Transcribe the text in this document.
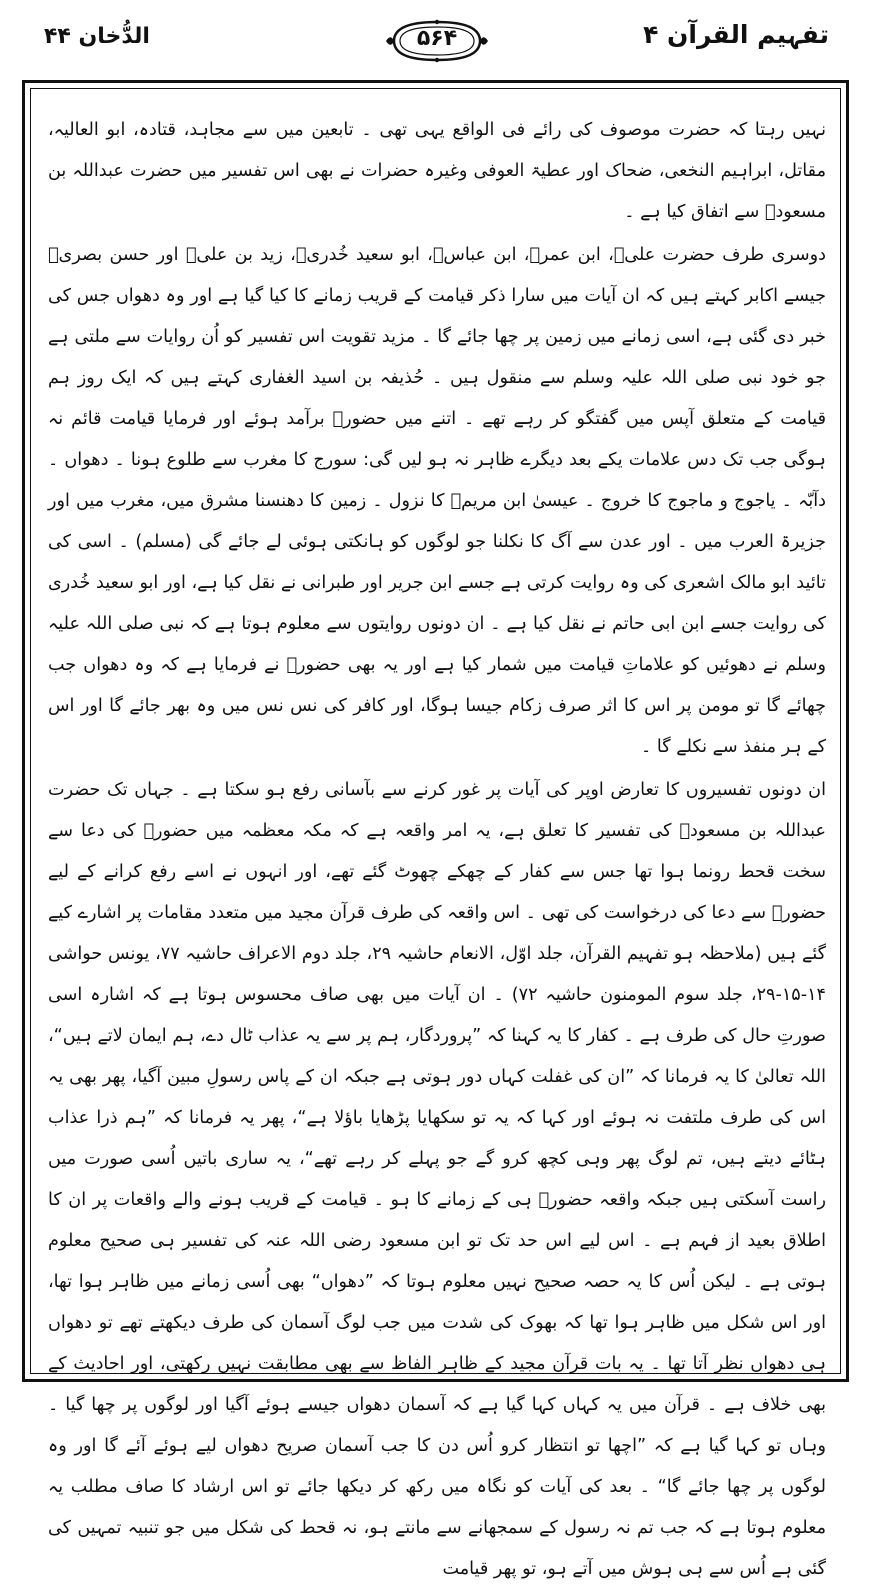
تفہیم القرآن ۴
۵۶۴
الدُّخان ۴۴

نہیں رہتا کہ حضرت موصوف کی رائے فی الواقع یہی تھی ۔ تابعین میں سے مجاہد، قتادہ، ابو العالیہ، مقاتل، ابراہیم النخعی، ضحاک اور عطیۃ العوفی وغیرہ حضرات نے بھی اس تفسیر میں حضرت عبداللہ بن مسعودؓ سے اتفاق کیا ہے ۔

دوسری طرف حضرت علیؓ، ابن عمرؓ، ابن عباسؓ، ابو سعید خُدریؓ، زید بن علیؓ اور حسن بصریؓ جیسے اکابر کہتے ہیں کہ ان آیات میں سارا ذکر قیامت کے قریب زمانے کا کیا گیا ہے اور وہ دھواں جس کی خبر دی گئی ہے، اسی زمانے میں زمین پر چھا جائے گا ۔ مزید تقویت اس تفسیر کو اُن روایات سے ملتی ہے جو خود نبی صلی اللہ علیہ وسلم سے منقول ہیں ۔ حُذیفہ بن اسید الغفاری کہتے ہیں کہ ایک روز ہم قیامت کے متعلق آپس میں گفتگو کر رہے تھے ۔ اتنے میں حضورؐ برآمد ہوئے اور فرمایا قیامت قائم نہ ہوگی جب تک دس علامات یکے بعد دیگرے ظاہر نہ ہو لیں گی: سورج کا مغرب سے طلوع ہونا ۔ دھواں ۔ دآبّہ ۔ یاجوج و ماجوج کا خروج ۔ عیسیٰ ابن مریمؑ کا نزول ۔ زمین کا دھنسنا مشرق میں، مغرب میں اور جزیرۃ العرب میں ۔ اور عدن سے آگ کا نکلنا جو لوگوں کو ہانکتی ہوئی لے جائے گی (مسلم) ۔ اسی کی تائید ابو مالک اشعری کی وہ روایت کرتی ہے جسے ابن جریر اور طبرانی نے نقل کیا ہے، اور ابو سعید خُدری کی روایت جسے ابن ابی حاتم نے نقل کیا ہے ۔ ان دونوں روایتوں سے معلوم ہوتا ہے کہ نبی صلی اللہ علیہ وسلم نے دھوئیں کو علاماتِ قیامت میں شمار کیا ہے اور یہ بھی حضورؐ نے فرمایا ہے کہ وہ دھواں جب چھائے گا تو مومن پر اس کا اثر صرف زکام جیسا ہوگا، اور کافر کی نس نس میں وہ بھر جائے گا اور اس کے ہر منفذ سے نکلے گا ۔

ان دونوں تفسیروں کا تعارض اوپر کی آیات پر غور کرنے سے بآسانی رفع ہو سکتا ہے ۔ جہاں تک حضرت عبداللہ بن مسعودؓ کی تفسیر کا تعلق ہے، یہ امر واقعہ ہے کہ مکہ معظمہ میں حضورؐ کی دعا سے سخت قحط رونما ہوا تھا جس سے کفار کے چھکے چھوٹ گئے تھے، اور انہوں نے اسے رفع کرانے کے لیے حضورؐ سے دعا کی درخواست کی تھی ۔ اس واقعہ کی طرف قرآن مجید میں متعدد مقامات پر اشارے کیے گئے ہیں (ملاحظہ ہو تفہیم القرآن، جلد اوّل، الانعام حاشیہ ۲۹، جلد دوم الاعراف حاشیہ ۷۷، یونس حواشی ۱۴-۱۵-۲۹، جلد سوم المومنون حاشیہ ۷۲) ۔ ان آیات میں بھی صاف محسوس ہوتا ہے کہ اشارہ اسی صورتِ حال کی طرف ہے ۔ کفار کا یہ کہنا کہ ”پروردگار، ہم پر سے یہ عذاب ٹال دے، ہم ایمان لاتے ہیں“، اللہ تعالیٰ کا یہ فرمانا کہ ”ان کی غفلت کہاں دور ہوتی ہے جبکہ ان کے پاس رسولِ مبین آگیا، پھر بھی یہ اس کی طرف ملتفت نہ ہوئے اور کہا کہ یہ تو سکھایا پڑھایا باؤلا ہے“، پھر یہ فرمانا کہ ”ہم ذرا عذاب ہٹائے دیتے ہیں، تم لوگ پھر وہی کچھ کرو گے جو پہلے کر رہے تھے“، یہ ساری باتیں اُسی صورت میں راست آسکتی ہیں جبکہ واقعہ حضورؐ ہی کے زمانے کا ہو ۔ قیامت کے قریب ہونے والے واقعات پر ان کا اطلاق بعید از فہم ہے ۔ اس لیے اس حد تک تو ابن مسعود رضی اللہ عنہ کی تفسیر ہی صحیح معلوم ہوتی ہے ۔ لیکن اُس کا یہ حصہ صحیح نہیں معلوم ہوتا کہ ”دھواں“ بھی اُسی زمانے میں ظاہر ہوا تھا، اور اس شکل میں ظاہر ہوا تھا کہ بھوک کی شدت میں جب لوگ آسمان کی طرف دیکھتے تھے تو دھواں ہی دھواں نظر آتا تھا ۔ یہ بات قرآن مجید کے ظاہر الفاظ سے بھی مطابقت نہیں رکھتی، اور احادیث کے بھی خلاف ہے ۔ قرآن میں یہ کہاں کہا گیا ہے کہ آسمان دھواں جیسے ہوئے آگیا اور لوگوں پر چھا گیا ۔ وہاں تو کہا گیا ہے کہ ”اچھا تو انتظار کرو اُس دن کا جب آسمان صریح دھواں لیے ہوئے آئے گا اور وہ لوگوں پر چھا جائے گا“ ۔ بعد کی آیات کو نگاہ میں رکھ کر دیکھا جائے تو اس ارشاد کا صاف مطلب یہ معلوم ہوتا ہے کہ جب تم نہ رسول کے سمجھانے سے مانتے ہو، نہ قحط کی شکل میں جو تنبیہ تمہیں کی گئی ہے اُس سے ہی ہوش میں آتے ہو، تو پھر قیامت
